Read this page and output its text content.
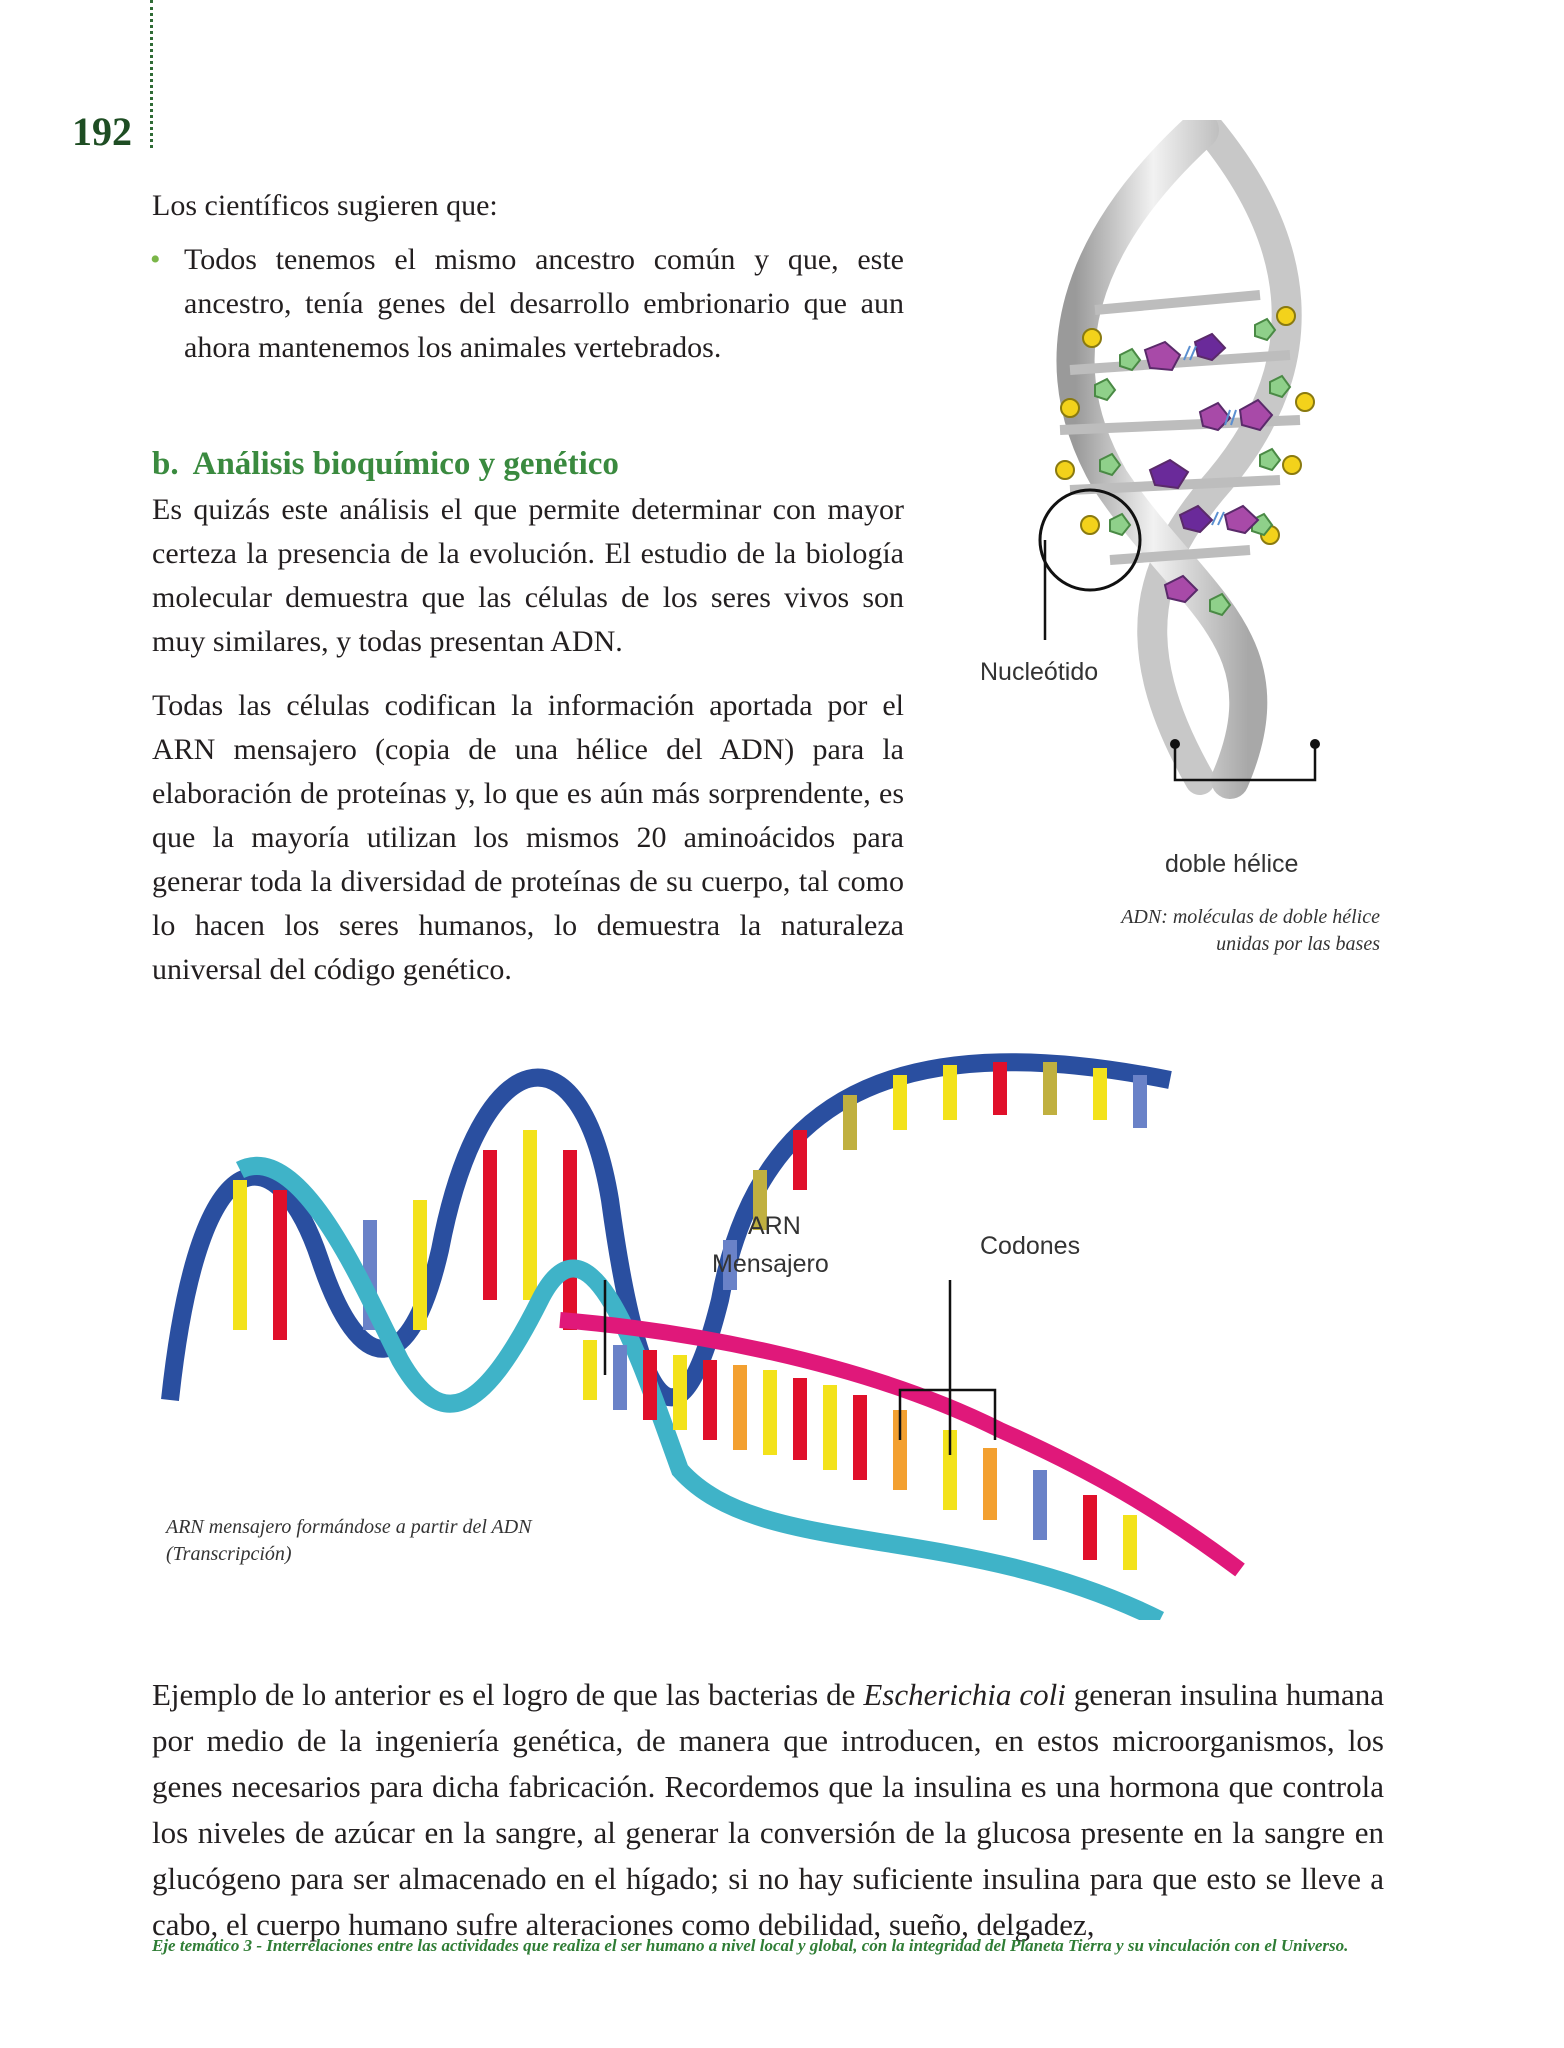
192
Los científicos sugieren que:
• Todos tenemos el mismo ancestro común y que, este ancestro, tenía genes del desarrollo embrionario que aun ahora mantenemos los animales vertebrados.

b. Análisis bioquímico y genético

Es quizás este análisis el que permite determinar con mayor certeza la presencia de la evolución. El estudio de la biología molecular demuestra que las células de los seres vivos son muy similares, y todas presentan ADN.

Todas las células codifican la información aportada por el ARN mensajero (copia de una hélice del ADN) para la elaboración de proteínas y, lo que es aún más sorprendente, es que la mayoría utilizan los mismos 20 aminoácidos para generar toda la diversidad de proteínas de su cuerpo, tal como lo hacen los seres humanos, lo demuestra la naturaleza universal del código genético.

Nucleótido
doble hélice
ADN: moléculas de doble hélice
unidas por las bases
ARN
Mensajero
Codones
ARN mensajero formándose a partir del ADN
(Transcripción)

Ejemplo de lo anterior es el logro de que las bacterias de Escherichia coli generan insulina humana por medio de la ingeniería genética, de manera que introducen, en estos microorganismos, los genes necesarios para dicha fabricación. Recordemos que la insulina es una hormona que controla los niveles de azúcar en la sangre, al generar la conversión de la glucosa presente en la sangre en glucógeno para ser almacenado en el hígado; si no hay suficiente insulina para que esto se lleve a cabo, el cuerpo humano sufre alteraciones como debilidad, sueño, delgadez,

Eje temático 3 - Interrelaciones entre las actividades que realiza el ser humano a nivel local y global, con la integridad del Planeta Tierra y su vinculación con el Universo.
